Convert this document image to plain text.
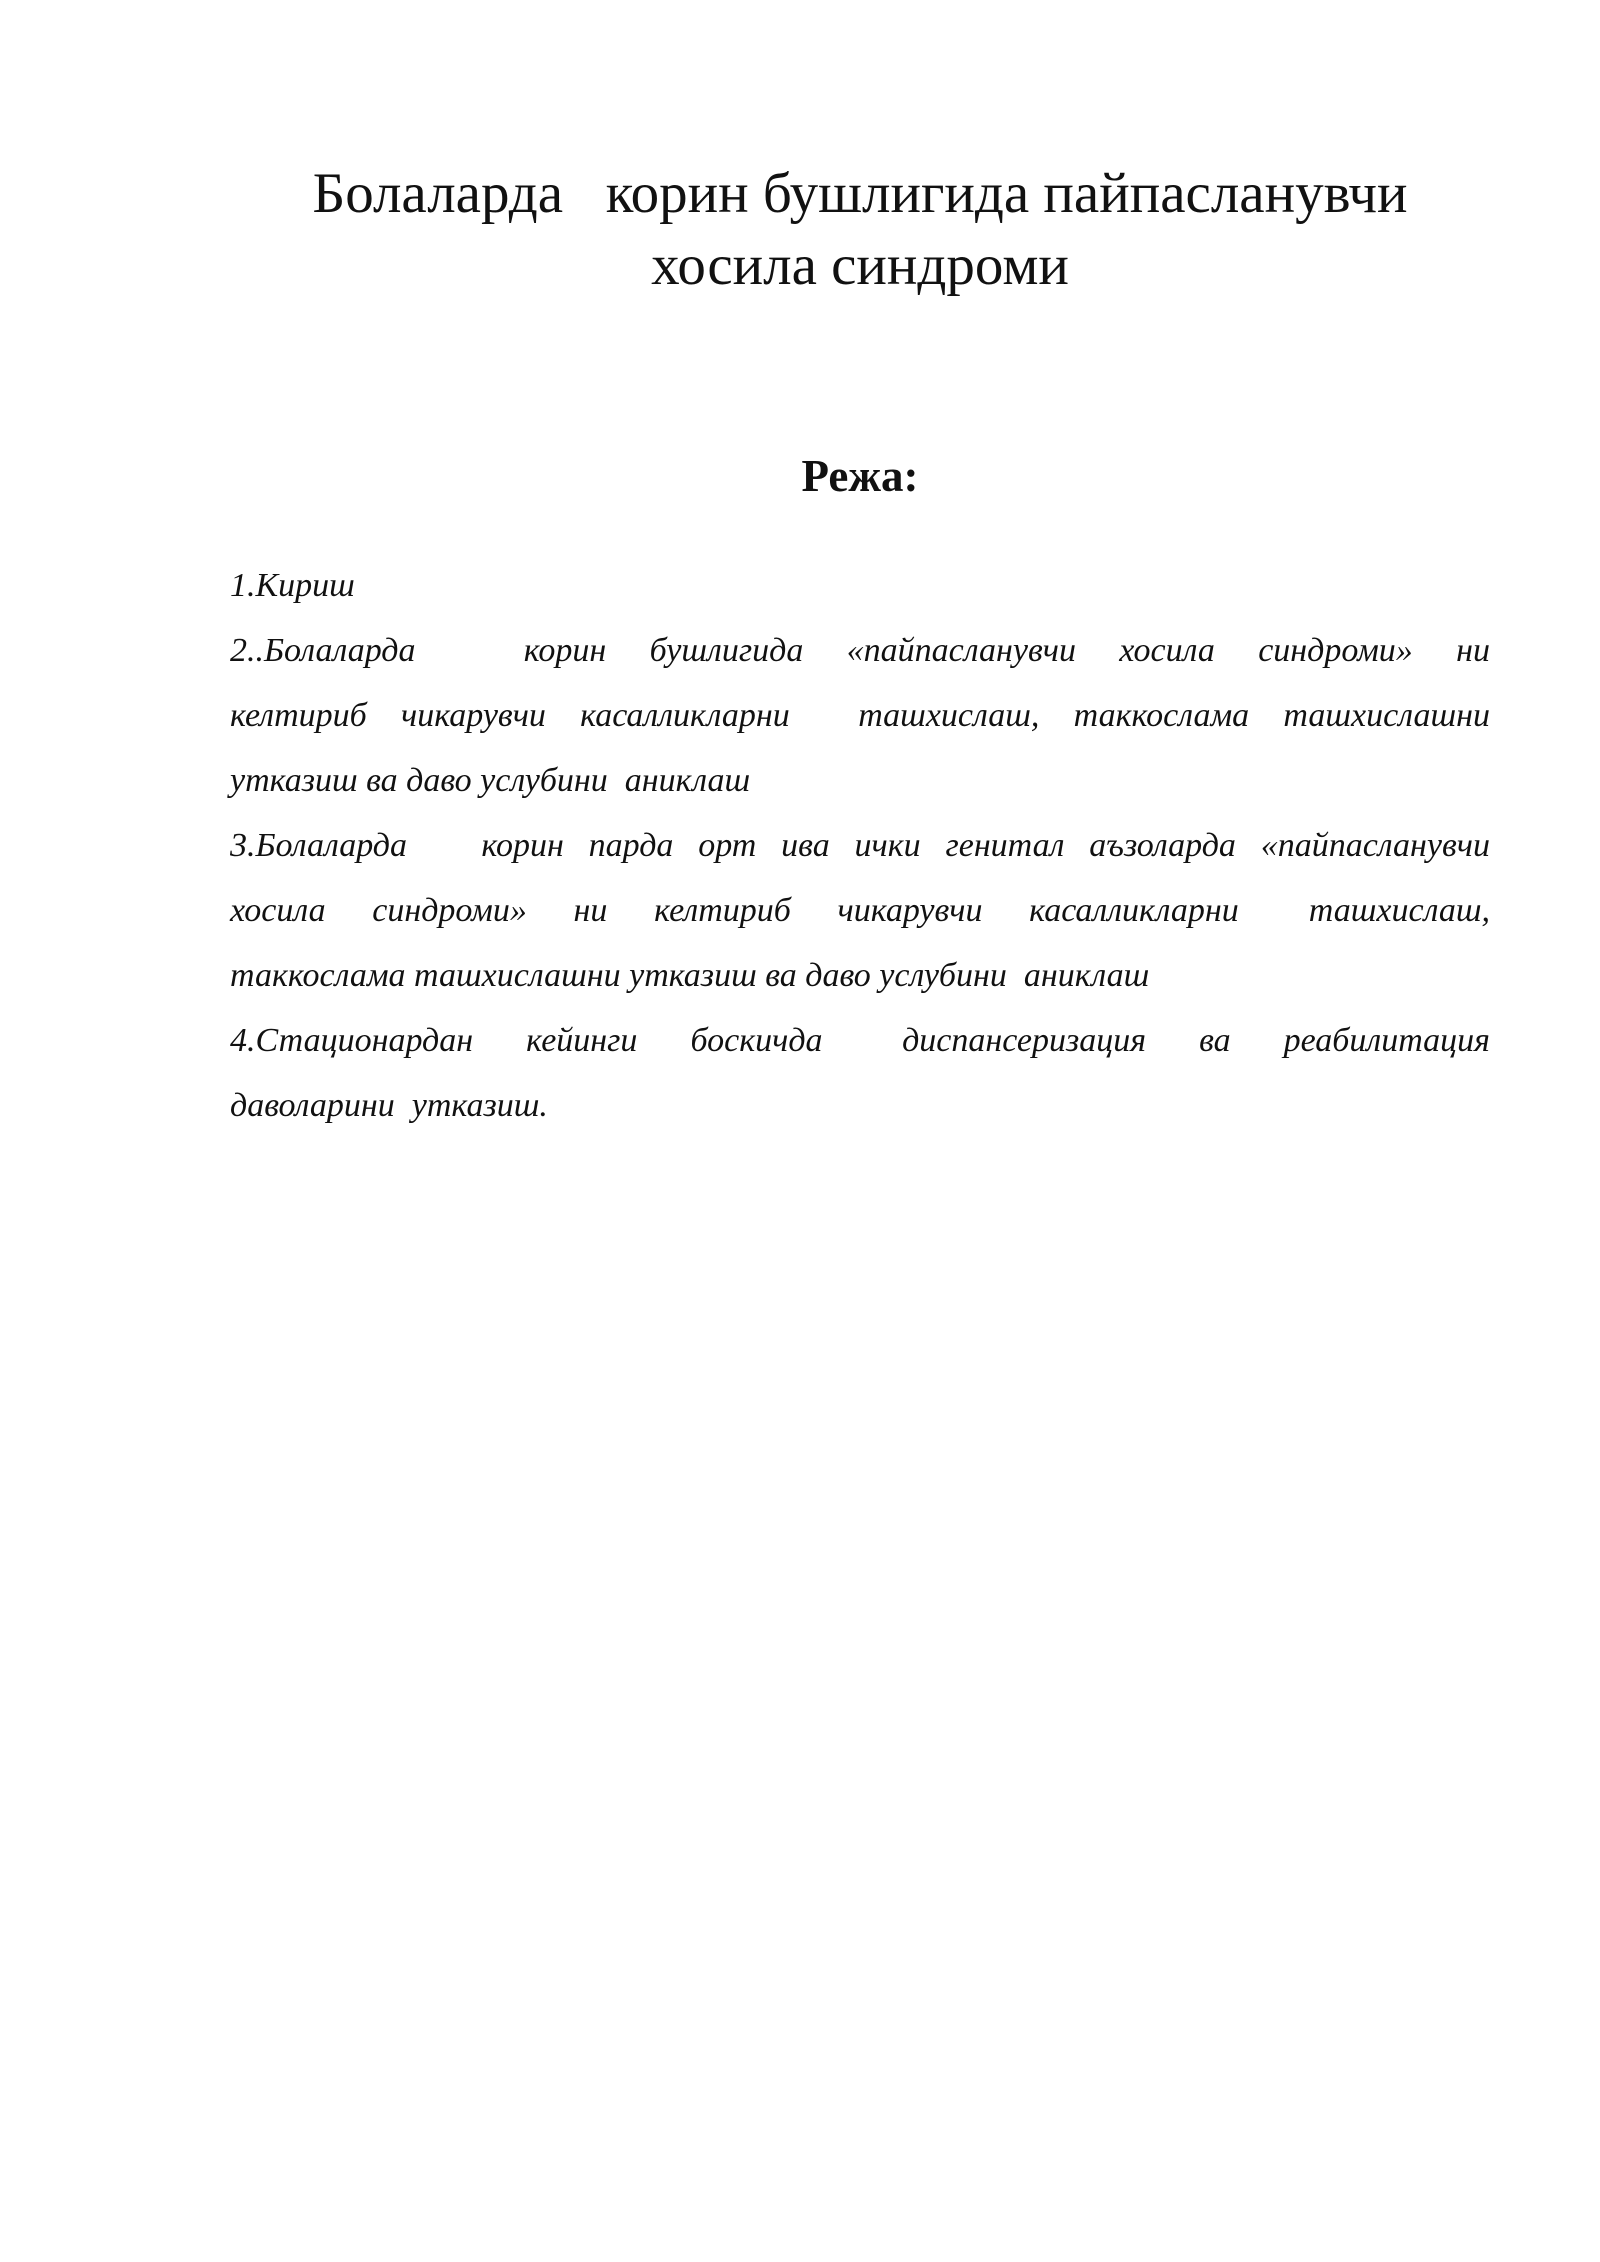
Болаларда   корин бушлигида пайпасланувчи
хосила синдроми
Режа:
1.Кириш
2..Болаларда     корин  бушлигида  «пайпасланувчи  хосила  синдроми»  ни
келтириб чикарувчи касалликларни  ташхислаш, таккослама ташхислашни
утказиш ва даво услубини  аниклаш
3.Болаларда   корин парда орт ива ички генитал аъзоларда «пайпасланувчи
хосила  синдроми»  ни  келтириб  чикарувчи  касалликларни   ташхислаш,
таккослама ташхислашни утказиш ва даво услубини  аниклаш
4.Стационардан  кейинги  боскичда   диспансеризация  ва  реабилитация
даволарини  утказиш.
